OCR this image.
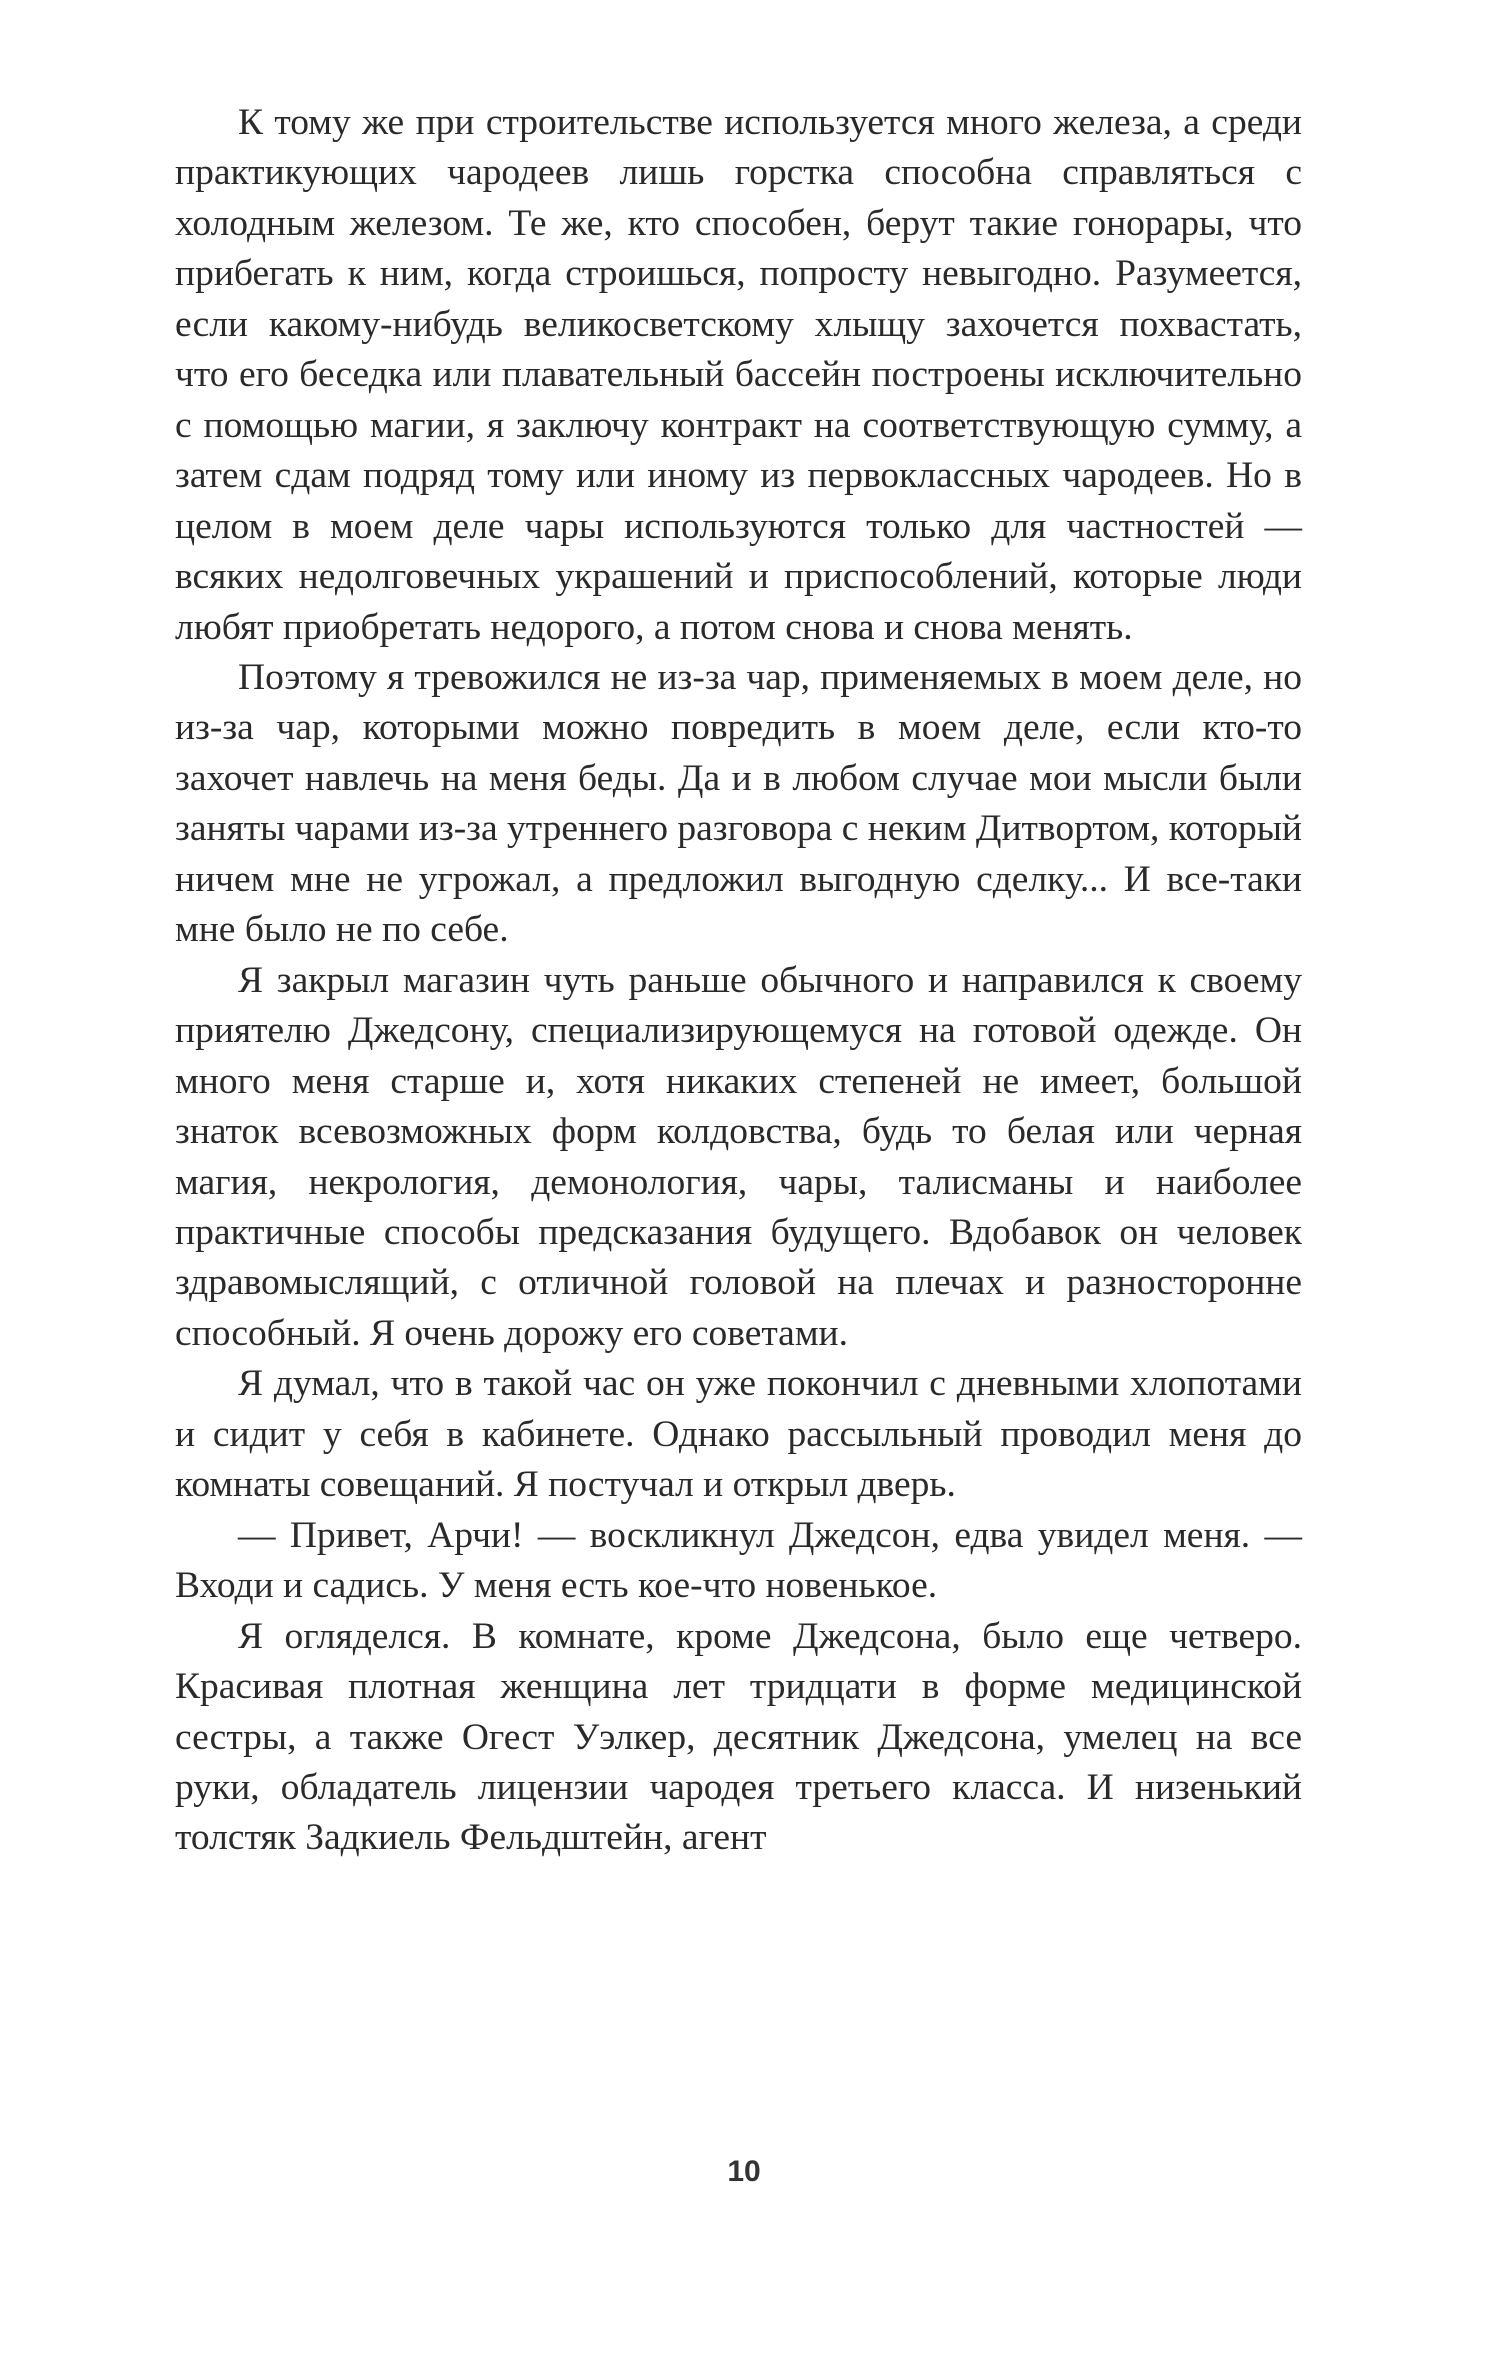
К тому же при строительстве используется много железа, а среди практикующих чародеев лишь горстка способна справляться с холодным железом. Те же, кто способен, берут такие гонорары, что прибегать к ним, когда строишься, попросту невыгодно. Разумеется, если какому-нибудь великосветскому хлыщу захочется похвастать, что его беседка или плавательный бассейн построены исключительно с помощью магии, я заключу контракт на соответствующую сумму, а затем сдам подряд тому или иному из первоклассных чародеев. Но в целом в моем деле чары используются только для частностей — всяких недолговечных украшений и приспособлений, которые люди любят приобретать недорого, а потом снова и снова менять.

Поэтому я тревожился не из-за чар, применяемых в моем деле, но из-за чар, которыми можно повредить в моем деле, если кто-то захочет навлечь на меня беды. Да и в любом случае мои мысли были заняты чарами из-за утреннего разговора с неким Дитвортом, который ничем мне не угрожал, а предложил выгодную сделку... И все-таки мне было не по себе.

Я закрыл магазин чуть раньше обычного и направился к своему приятелю Джедсону, специализирующемуся на готовой одежде. Он много меня старше и, хотя никаких степеней не имеет, большой знаток всевозможных форм колдовства, будь то белая или черная магия, некрология, демонология, чары, талисманы и наиболее практичные способы предсказания будущего. Вдобавок он человек здравомыслящий, с отличной головой на плечах и разносторонне способный. Я очень дорожу его советами.

Я думал, что в такой час он уже покончил с дневными хлопотами и сидит у себя в кабинете. Однако рассыльный проводил меня до комнаты совещаний. Я постучал и открыл дверь.

— Привет, Арчи! — воскликнул Джедсон, едва увидел меня. — Входи и садись. У меня есть кое-что новенькое.

Я огляделся. В комнате, кроме Джедсона, было еще четверо. Красивая плотная женщина лет тридцати в форме медицинской сестры, а также Огест Уэлкер, десятник Джедсона, умелец на все руки, обладатель лицензии чародея третьего класса. И низенький толстяк Задкиель Фельдштейн, агент

10
